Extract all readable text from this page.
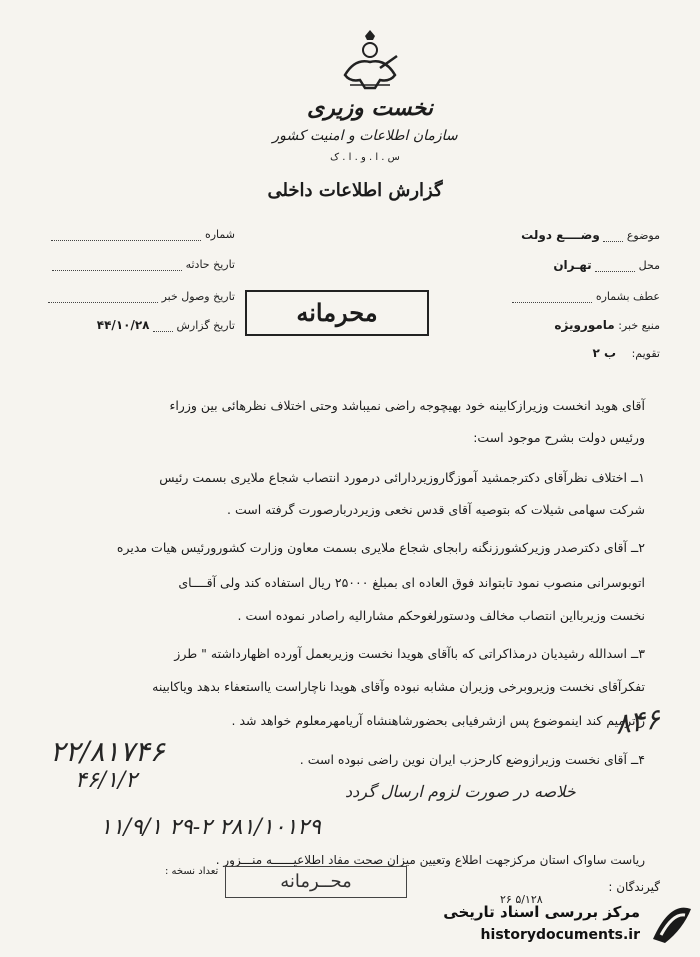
نخست وزیری
سازمان اطلاعات و امنیت کشور
س . ا . و . ا . ک
گزارش اطلاعات داخلی
موضوع  وضــــع دولت
محل  تهـران
عطف بشماره
منبع خبر: مامورویژه
تقویم: ب ۲
شماره
تاریخ حادثه
تاریخ وصول خبر
تاریخ گزارش  ۴۴/۱۰/۲۸	محرمانه
آقای هوید انخست وزیرازکابینه خود بهیچوجه راضی نمیباشد وحتی اختلاف نظرهائی بین وزراء
ورئیس دولت بشرح موجود است:
۱ــ اختلاف نظرآقای دکترجمشید آموزگاروزیردارائی درمورد انتصاب شجاع ملایری بسمت رئیس
شرکت سهامی شیلات که بتوصیه آقای قدس نخعی وزیردربارصورت گرفته است .
۲ــ آقای دکترصدر وزیرکشورزنگنه رابجای شجاع ملایری بسمت معاون وزارت کشورورئیس هیات مدیره
اتوبوسرانی منصوب نمود تابتواند فوق العاده ای بمبلغ ۲۵۰۰۰ ریال استفاده کند ولی آقــــای
نخست وزیربااین انتصاب مخالف ودستورلغوحکم مشارالیه راصادر نموده است .
۳ــ اسدالله رشیدیان درمذاکراتی که باآقای هویدا نخست وزیربعمل آورده اظهارداشته " طرز
تفکرآقای نخست وزیروبرخی وزیران مشابه نبوده وآقای هویدا ناچاراست یااستعفاء بدهد ویاکابینه
راترمیم کند اینموضوع پس ازشرفیابی بحضورشاهنشاه آریامهرمعلوم خواهد شد .
۴ــ آقای نخست وزیرازوضع کارحزب ایران نوین راضی نبوده است .
۲۲/۸۱۷۴۶
۴۶/۱/۲	خلاصه در صورت لزوم ارسال گردد
۱۱/۹/۱ ۲۹-۲ ۲۸۱/۱۰۱۲۹
۸۴۶
ریاست ساواک استان مرکزجهت اطلاع وتعیین میزان صحت مفاد اطلاعیــــــه منـــزور .
تعداد نسخه :
گیرندگان :
محــرمانه
۲۶ ۵/۱۲۸
مرکز بررسی اسناد تاریخی
historydocuments.ir
